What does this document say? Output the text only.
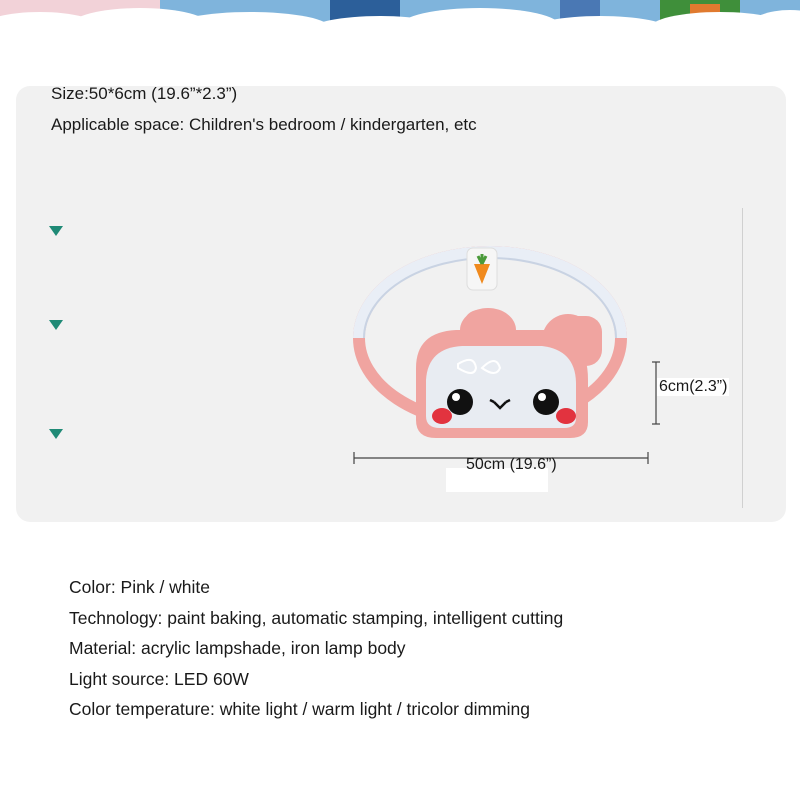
Size:50*6cm (19.6”*2.3”)
Applicable space: Children's bedroom / kindergarten, etc
6cm(2.3”)
50cm (19.6”)
Color: Pink / white
Technology: paint baking, automatic stamping, intelligent cutting
Material: acrylic lampshade, iron lamp body
Light source: LED 60W
Color temperature: white light / warm light / tricolor dimming
